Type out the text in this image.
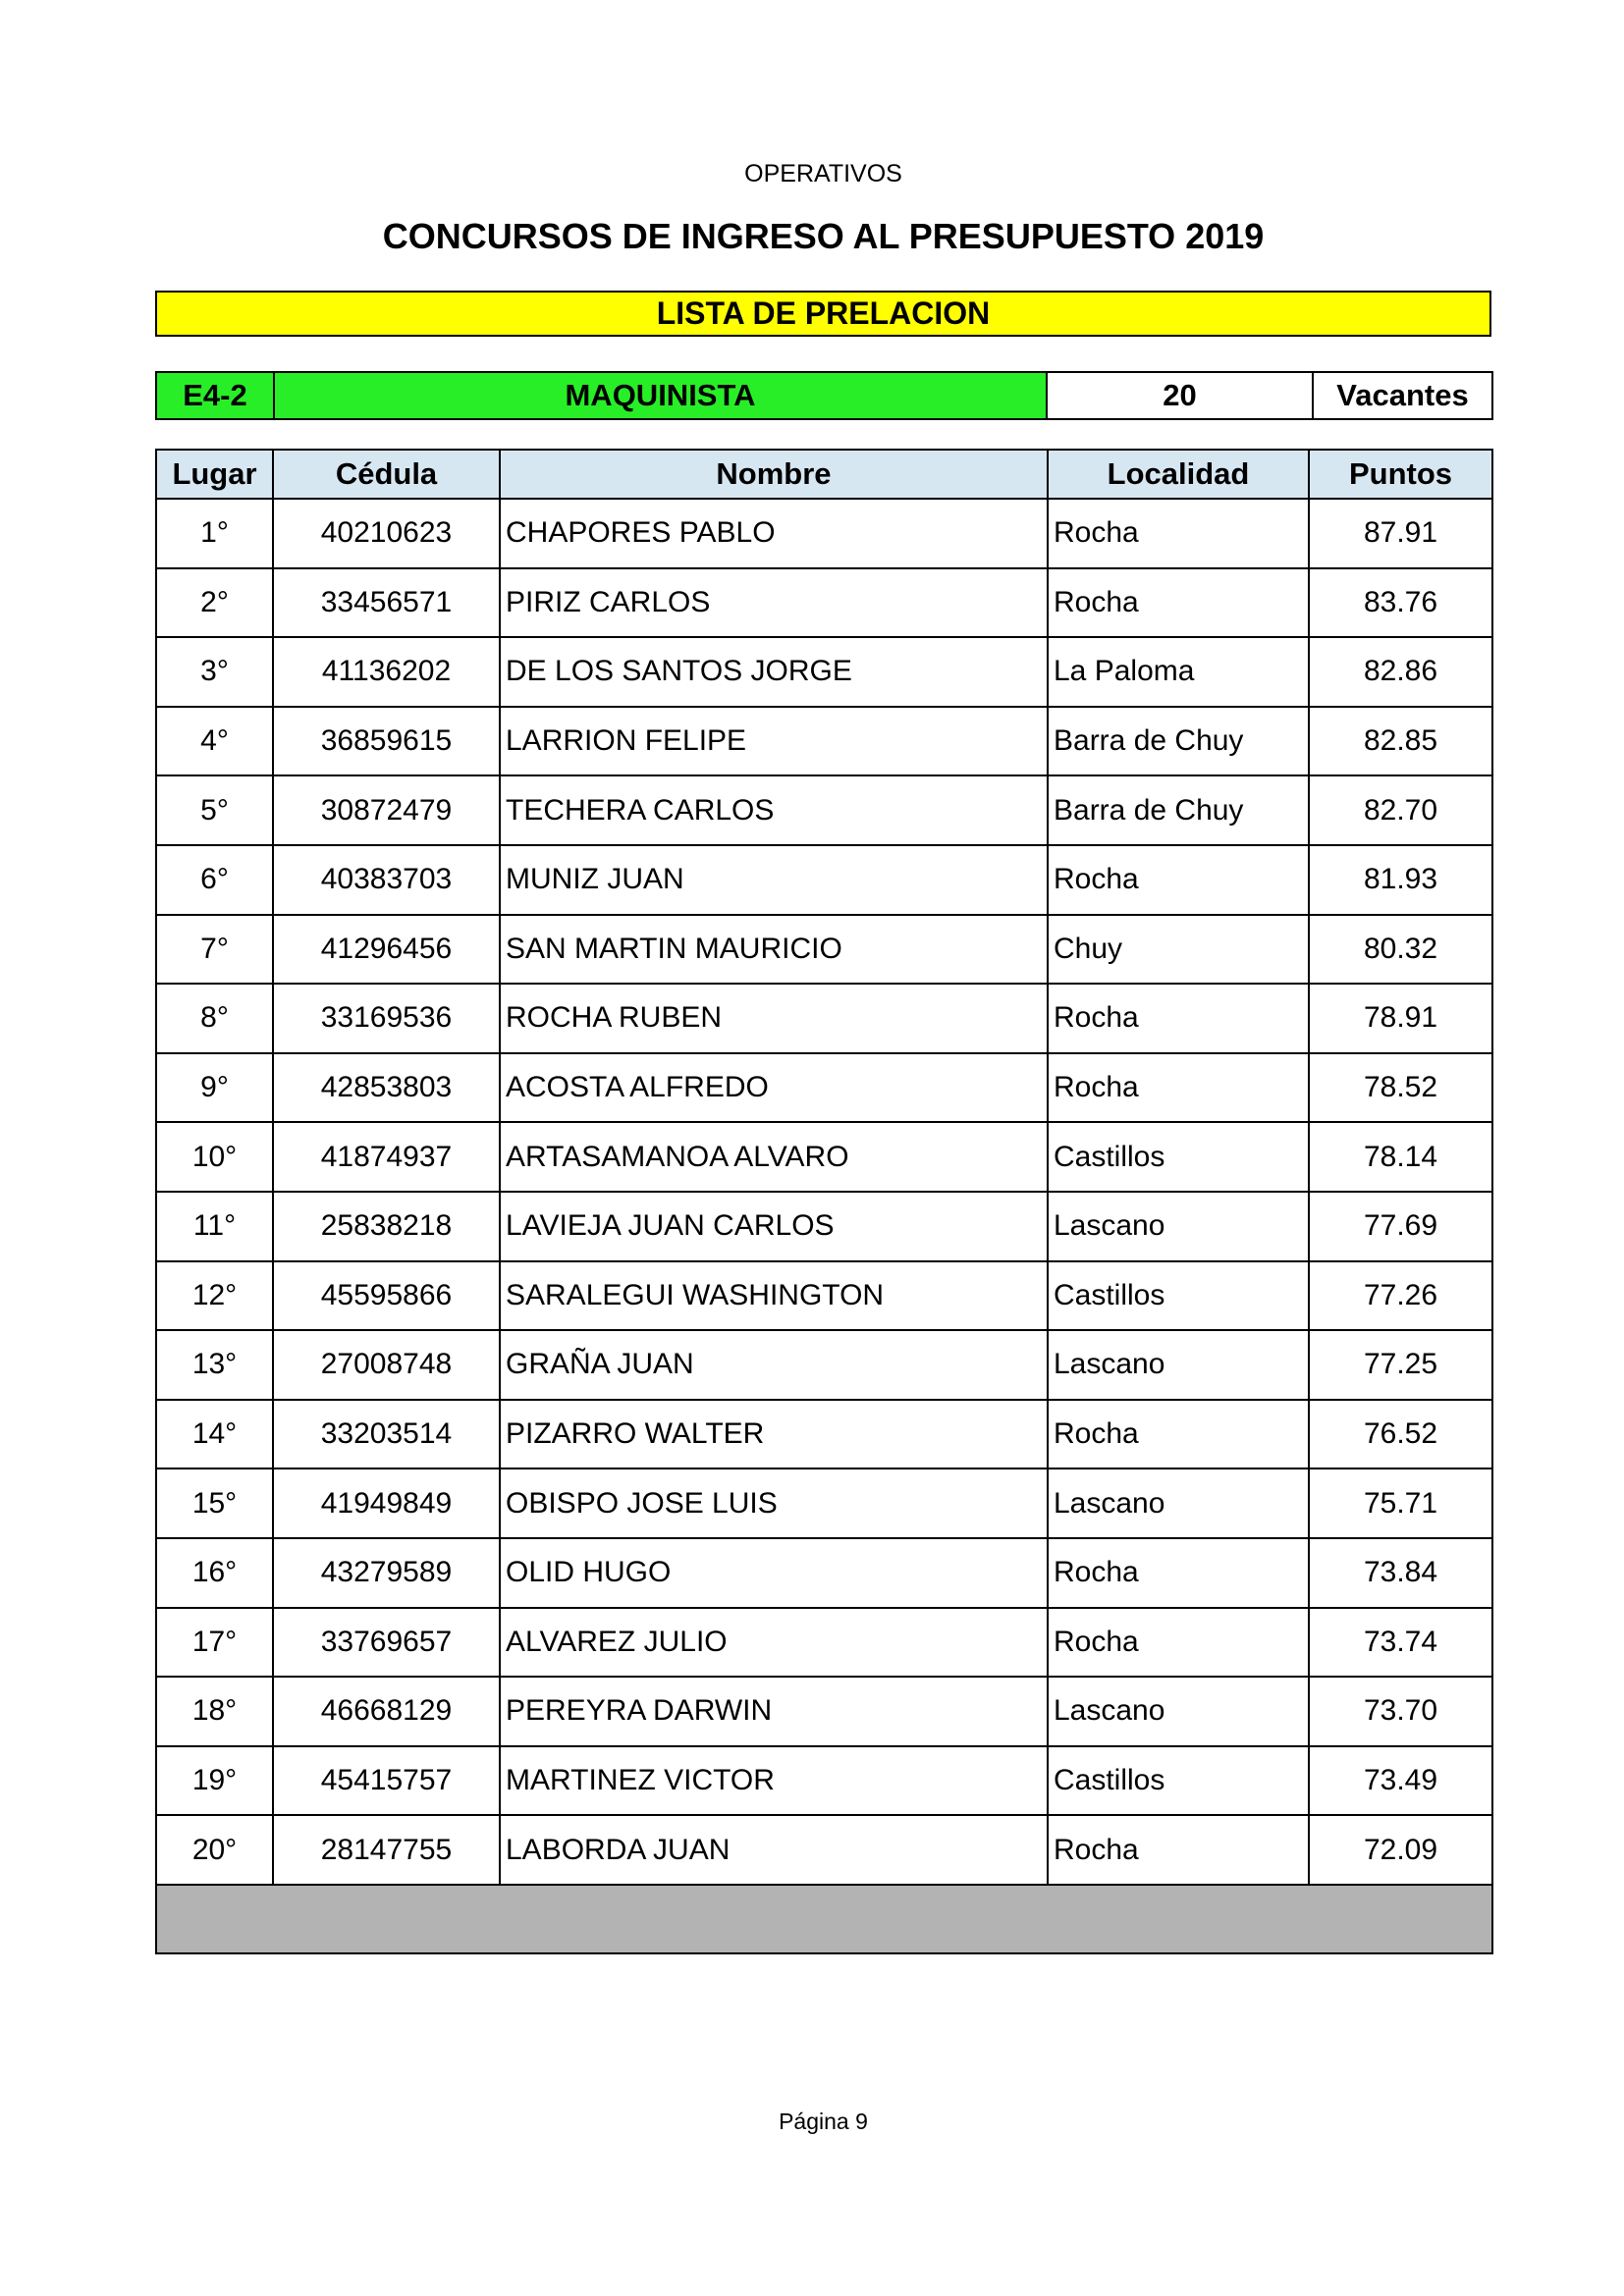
OPERATIVOS
CONCURSOS DE INGRESO AL PRESUPUESTO 2019
LISTA DE PRELACION
E4-2	MAQUINISTA	20	Vacantes
Lugar	Cédula	Nombre	Localidad	Puntos
1°	40210623	CHAPORES PABLO	Rocha	87.91
2°	33456571	PIRIZ CARLOS	Rocha	83.76
3°	41136202	DE LOS SANTOS JORGE	La Paloma	82.86
4°	36859615	LARRION FELIPE	Barra de Chuy	82.85
5°	30872479	TECHERA CARLOS	Barra de Chuy	82.70
6°	40383703	MUNIZ JUAN	Rocha	81.93
7°	41296456	SAN MARTIN MAURICIO	Chuy	80.32
8°	33169536	ROCHA RUBEN	Rocha	78.91
9°	42853803	ACOSTA ALFREDO	Rocha	78.52
10°	41874937	ARTASAMANOA ALVARO	Castillos	78.14
11°	25838218	LAVIEJA JUAN CARLOS	Lascano	77.69
12°	45595866	SARALEGUI WASHINGTON	Castillos	77.26
13°	27008748	GRAÑA JUAN	Lascano	77.25
14°	33203514	PIZARRO WALTER	Rocha	76.52
15°	41949849	OBISPO JOSE LUIS	Lascano	75.71
16°	43279589	OLID HUGO	Rocha	73.84
17°	33769657	ALVAREZ JULIO	Rocha	73.74
18°	46668129	PEREYRA DARWIN	Lascano	73.70
19°	45415757	MARTINEZ VICTOR	Castillos	73.49
20°	28147755	LABORDA JUAN	Rocha	72.09

Página 9
